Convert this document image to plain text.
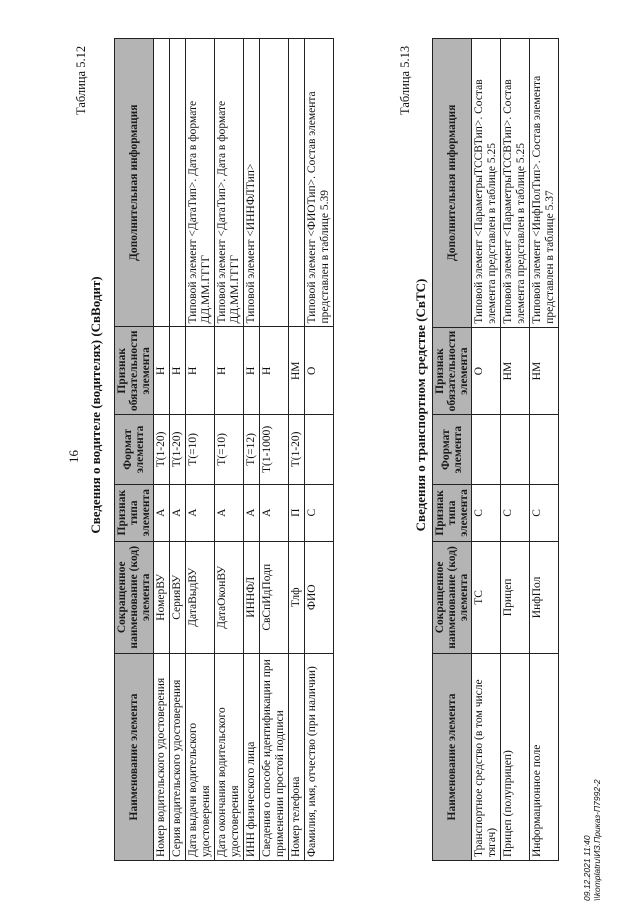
16
Таблица 5.12
Сведения о водителе (водителях) (СвВодит)
Наименование элемента	Сокращенное наименование (код) элемента	Признак типа элемента	Формат элемента	Признак обязательности элемента	Дополнительная информация
Номер водительского удостоверения	НомерВУ	А	Т(1-20)	Н	
Серия водительского удостоверения	СерияВУ	А	Т(1-20)	Н	
Дата выдачи водительского удостоверения	ДатаВыдВУ	А	Т(=10)	Н	Типовой элемент <ДатаТип>. Дата в формате ДД.ММ.ГГГГ
Дата окончания водительского удостоверения	ДатаОконВУ	А	Т(=10)	Н	Типовой элемент <ДатаТип>. Дата в формате ДД.ММ.ГГГГ
ИНН физического лица	ИННФЛ	А	Т(=12)	Н	Типовой элемент <ИННФЛТип>
Сведения о способе идентификации при применении простой подписи	СвСпИдПодп	А	Т(1-1000)	Н	
Номер телефона	Тлф	П	Т(1-20)	НМ	
Фамилия, имя, отчество (при наличии)	ФИО	С		О	Типовой элемент <ФИОТип>. Состав элемента представлен в таблице 5.39
Таблица 5.13
Сведения о транспортном средстве (СвТС)
Наименование элемента	Сокращенное наименование (код) элемента	Признак типа элемента	Формат элемента	Признак обязательности элемента	Дополнительная информация
Транспортное средство (в том числе тягач)	ТС	С		О	Типовой элемент <ПараметрыТССВТип>. Состав элемента представлен в таблице 5.25
Прицеп (полуприцеп)	Прицеп	С		НМ	Типовой элемент <ПараметрыТССВТип>. Состав элемента представлен в таблице 5.25
Информационное поле	ИнфПол	С		НМ	Типовой элемент <ИнфПолТип>. Состав элемента представлен в таблице 5.37
09.12.2021 11:40 \\komplatru\ИЗ.Приказ-П7992-2
